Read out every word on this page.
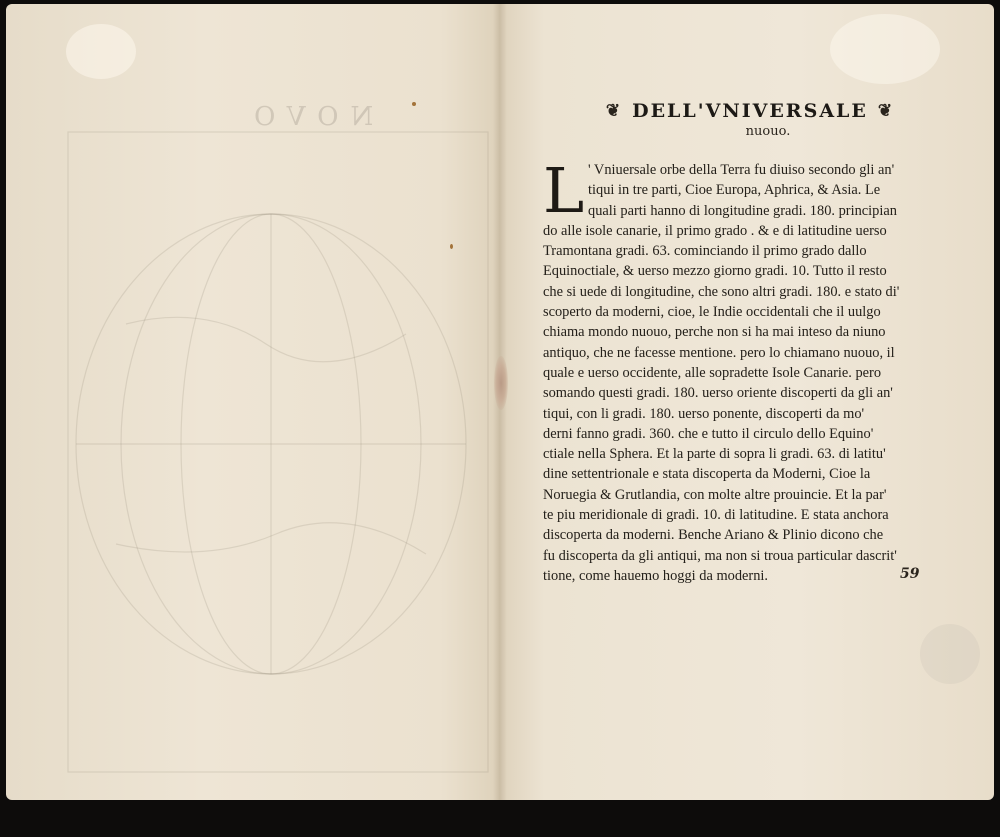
NOVO	❦ DELL'VNIVERSALE ❦
nuouo.
L ' Vniuersale orbe della Terra fu diuiso secondo gli an'
tiqui in tre parti, Cioe Europa, Aphrica, & Asia. Le
quali parti hanno di longitudine gradi. 180. principian
do alle isole canarie, il primo grado . & e di latitudine uerso
Tramontana gradi. 63. cominciando il primo grado dallo
Equinoctiale, & uerso mezzo giorno gradi. 10. Tutto il resto
che si uede di longitudine, che sono altri gradi. 180. e stato di'
scoperto da moderni, cioe, le Indie occidentali che il uulgo
chiama mondo nuouo, perche non si ha mai inteso da niuno
antiquo, che ne facesse mentione. pero lo chiamano nuouo, il
quale e uerso occidente, alle sopradette Isole Canarie. pero
somando questi gradi. 180. uerso oriente discoperti da gli an'
tiqui, con li gradi. 180. uerso ponente, discoperti da mo'
derni fanno gradi. 360. che e tutto il circulo dello Equino'
ctiale nella Sphera. Et la parte di sopra li gradi. 63. di latitu'
dine settentrionale e stata discoperta da Moderni, Cioe la
Noruegia & Grutlandia, con molte altre prouincie. Et la par'
te piu meridionale di gradi. 10. di latitudine. E stata anchora
discoperta da moderni. Benche Ariano & Plinio dicono che
fu discoperta da gli antiqui, ma non si troua particular dascrit'
tione, come hauemo hoggi da moderni.	59
